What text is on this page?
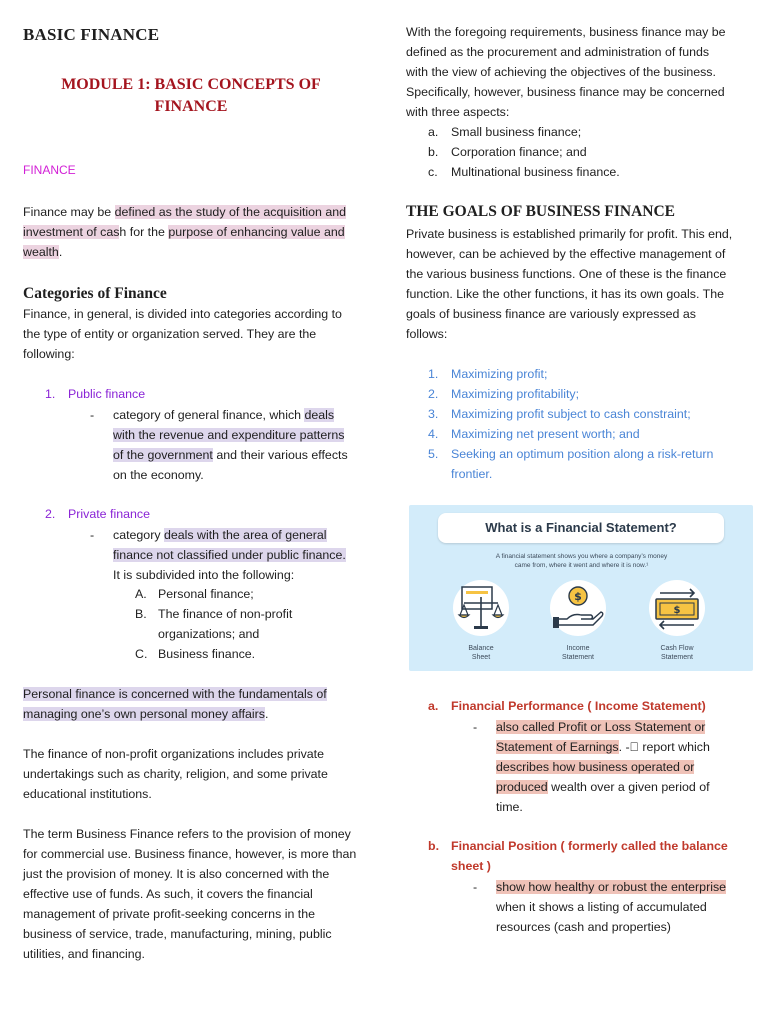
BASIC FINANCE
MODULE 1: BASIC CONCEPTS OF
FINANCE
FINANCE
Finance may be defined as the study of the acquisition and
investment of cash for the purpose of enhancing value and
wealth.
Categories of Finance
Finance, in general, is divided into categories according to
the type of entity or organization served. They are the
following:
1. Public finance
- category of general finance, which deals
with the revenue and expenditure patterns
of the government and their various effects
on the economy.
2. Private finance
- category deals with the area of general
finance not classified under public finance.
It is subdivided into the following:
A. Personal finance;
B. The finance of non-profit
organizations; and
C. Business finance.
Personal finance is concerned with the fundamentals of
managing one’s own personal money affairs.
The finance of non-profit organizations includes private
undertakings such as charity, religion, and some private
educational institutions.
The term Business Finance refers to the provision of money
for commercial use. Business finance, however, is more than
just the provision of money. It is also concerned with the
effective use of funds. As such, it covers the financial
management of private profit-seeking concerns in the
business of service, trade, manufacturing, mining, public
utilities, and financing.
With the foregoing requirements, business finance may be
defined as the procurement and administration of funds
with the view of achieving the objectives of the business.
Specifically, however, business finance may be concerned
with three aspects:
a. Small business finance;
b. Corporation finance; and
c. Multinational business finance.
THE GOALS OF BUSINESS FINANCE
Private business is established primarily for profit. This end,
however, can be achieved by the effective management of
the various business functions. One of these is the finance
function. Like the other functions, it has its own goals. The
goals of business finance are variously expressed as
follows:
1. Maximizing profit;
2. Maximizing profitability;
3. Maximizing profit subject to cash constraint;
4. Maximizing net present worth; and
5. Seeking an optimum position along a risk-return
frontier.
a. Financial Performance ( Income Statement)
- also called Profit or Loss Statement or
Statement of Earnings. - report which
describes how business operated or
produced wealth over a given period of
time.
b. Financial Position ( formerly called the balance
sheet )
- show how healthy or robust the enterprise
when it shows a listing of accumulated
resources (cash and properties)
What is a Financial Statement?
A financial statement shows you where a company’s money
came from, where it went and where it is now.¹
$
$
Balance
Sheet
Income
Statement
Cash Flow
Statement
